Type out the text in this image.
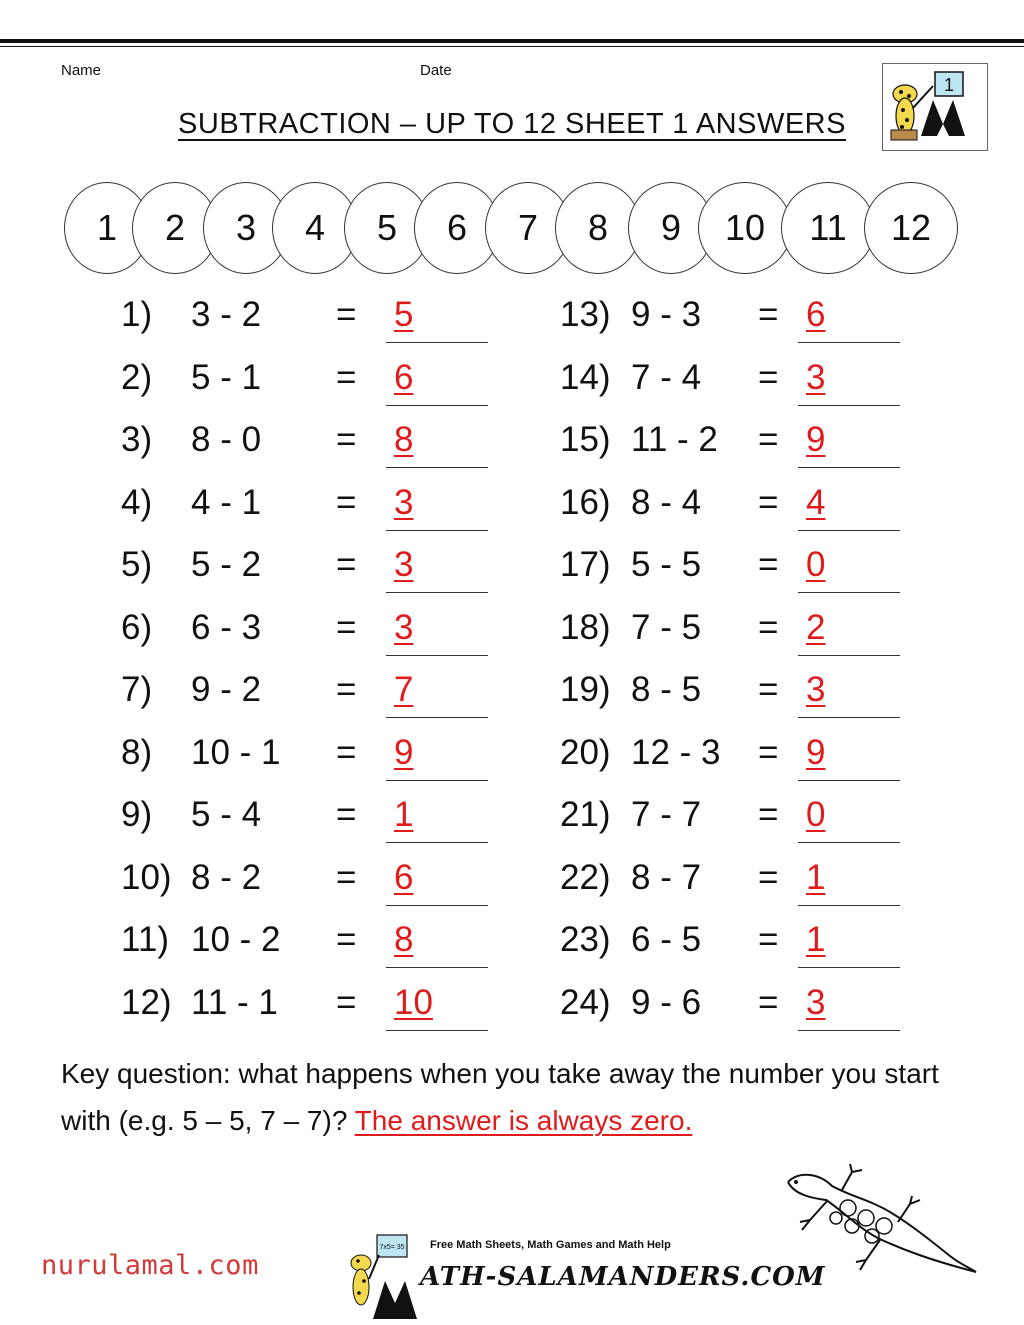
Name	Date
SUBTRACTION – UP TO 12 SHEET 1 ANSWERS
1
1	2	3	4	5	6	7	8	9	10	11	12
1) 3 - 2 = 5
2) 5 - 1 = 6
3) 8 - 0 = 8
4) 4 - 1 = 3
5) 5 - 2 = 3
6) 6 - 3 = 3
7) 9 - 2 = 7
8) 10 - 1 = 9
9) 5 - 4 = 1
10) 8 - 2 = 6
11) 10 - 2 = 8
12) 11 - 1 = 10
13) 9 - 3 = 6
14) 7 - 4 = 3
15) 11 - 2 = 9
16) 8 - 4 = 4
17) 5 - 5 = 0
18) 7 - 5 = 2
19) 8 - 5 = 3
20) 12 - 3 = 9
21) 7 - 7 = 0
22) 8 - 7 = 1
23) 6 - 5 = 1
24) 9 - 6 = 3
Key question: what happens when you take away the number you start with (e.g. 5 – 5, 7 – 7)? The answer is always zero.
nurulamal.com
7x5= 35 Free Math Sheets, Math Games and Math Help
ATH-SALAMANDERS.COM
